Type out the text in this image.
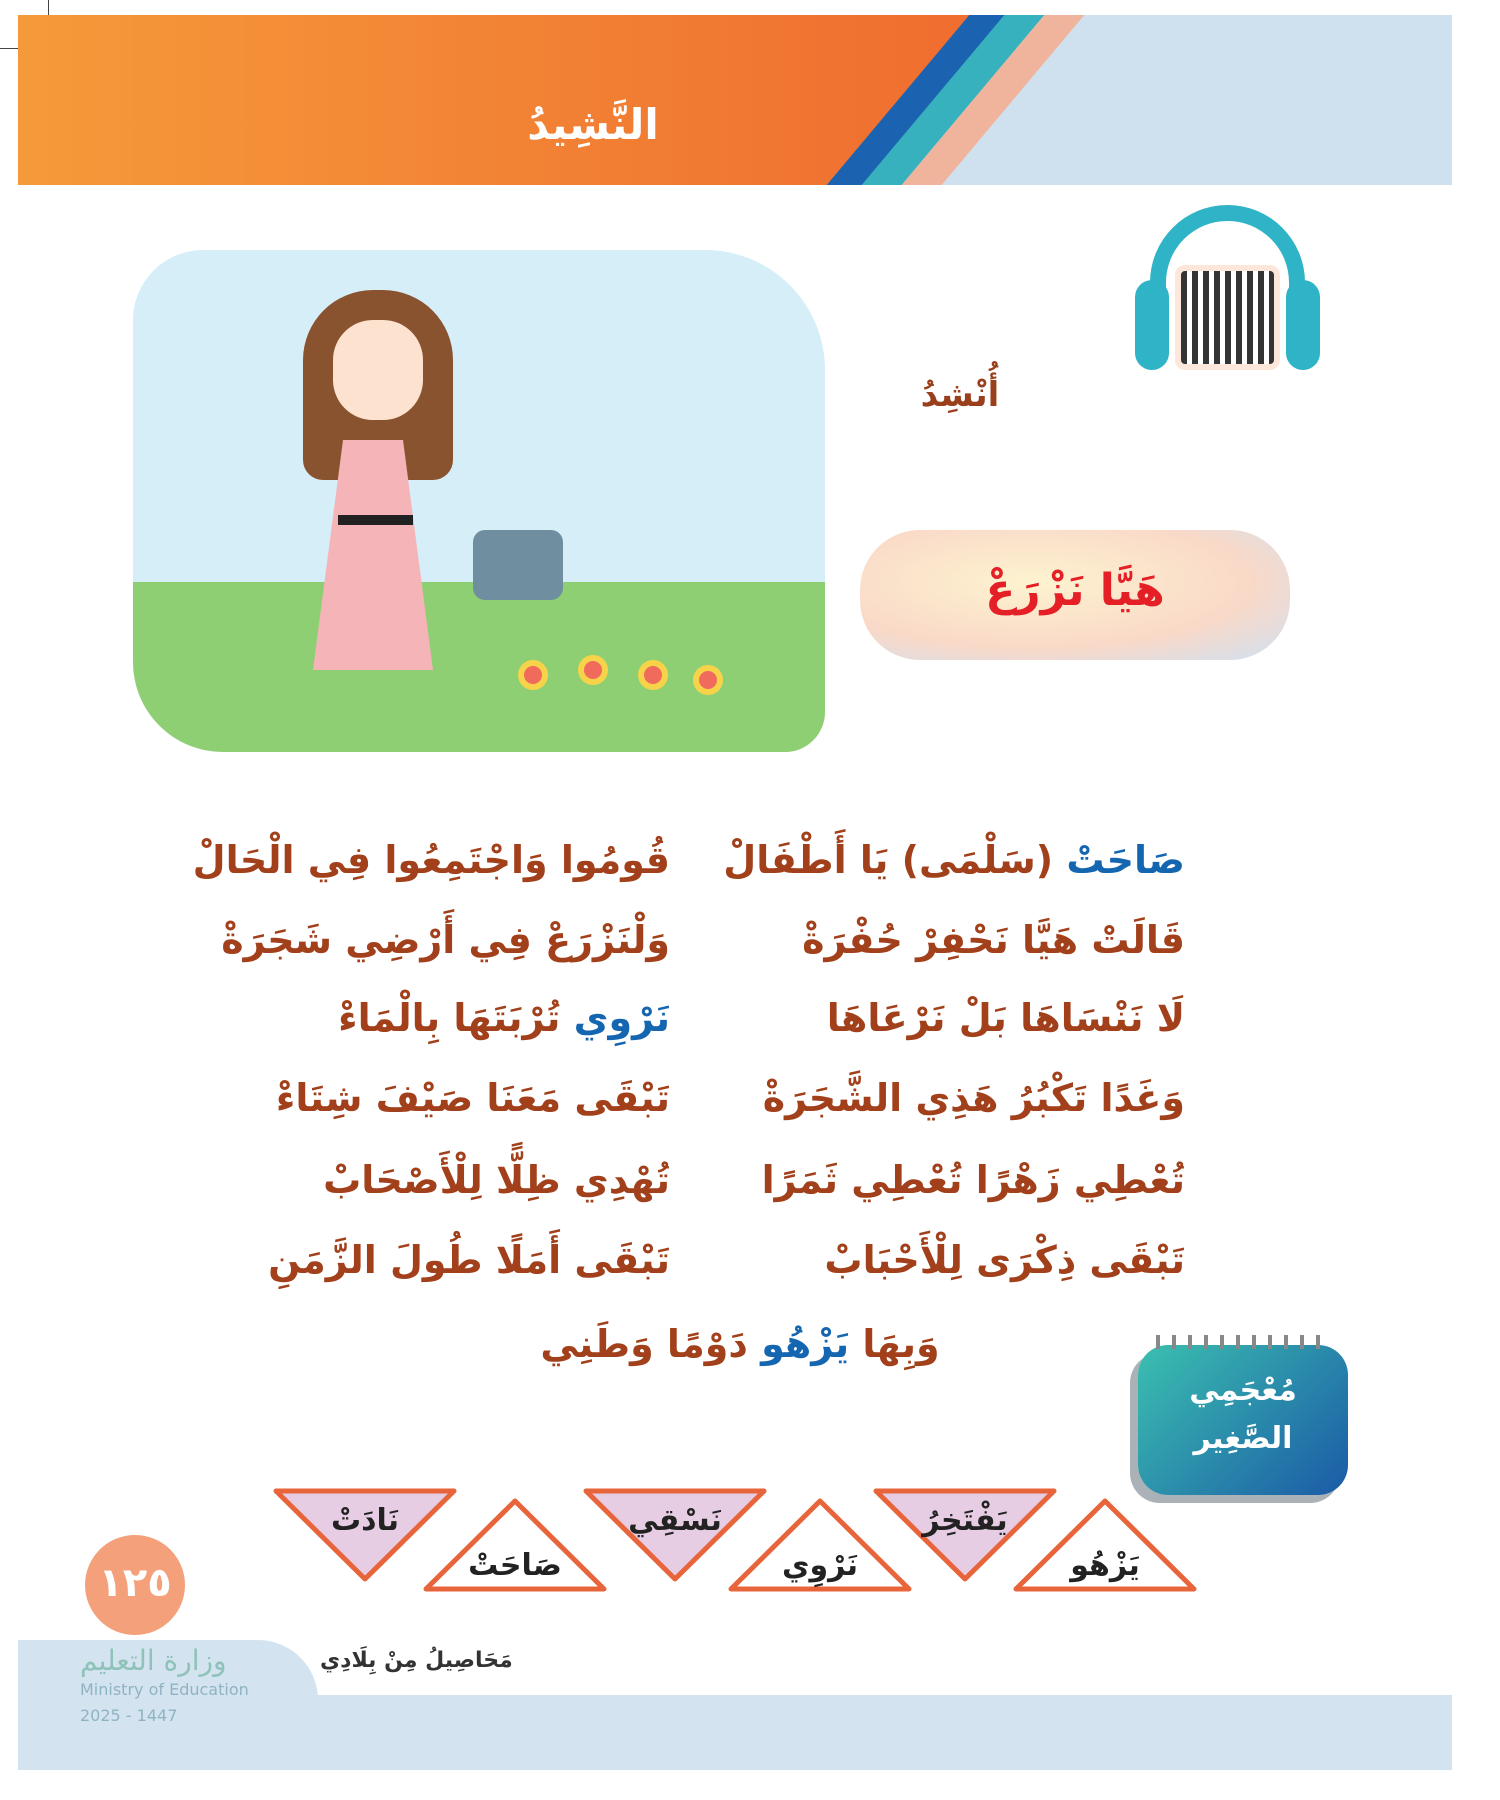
النَّشِيدُ
أُنْشِدُ
هَيَّا نَزْرَعْ
صَاحَتْ (سَلْمَى) يَا أَطْفَالْ
قُومُوا وَاجْتَمِعُوا فِي الْحَالْ
قَالَتْ هَيَّا نَحْفِرْ حُفْرَةْ
وَلْنَزْرَعْ فِي أَرْضِي شَجَرَةْ
لَا نَنْسَاهَا بَلْ نَرْعَاهَا
نَرْوِي تُرْبَتَهَا بِالْمَاءْ
وَغَدًا تَكْبُرُ هَذِي الشَّجَرَةْ
تَبْقَى مَعَنَا صَيْفَ شِتَاءْ
تُعْطِي زَهْرًا تُعْطِي ثَمَرًا
تُهْدِي ظِلًّا لِلْأَصْحَابْ
تَبْقَى ذِكْرَى لِلْأَحْبَابْ
تَبْقَى أَمَلًا طُولَ الزَّمَنِ
وَبِهَا يَزْهُو دَوْمًا وَطَنِي
مُعْجَمِي
الصَّغِير
يَزْهُو
يَفْتَخِرُ
نَرْوِي
نَسْقِي
صَاحَتْ
نَادَتْ
١٢٥
وزارة التعليم
Ministry of Education
2025 - 1447
مَحَاصِيلُ مِنْ بِلَادِي
